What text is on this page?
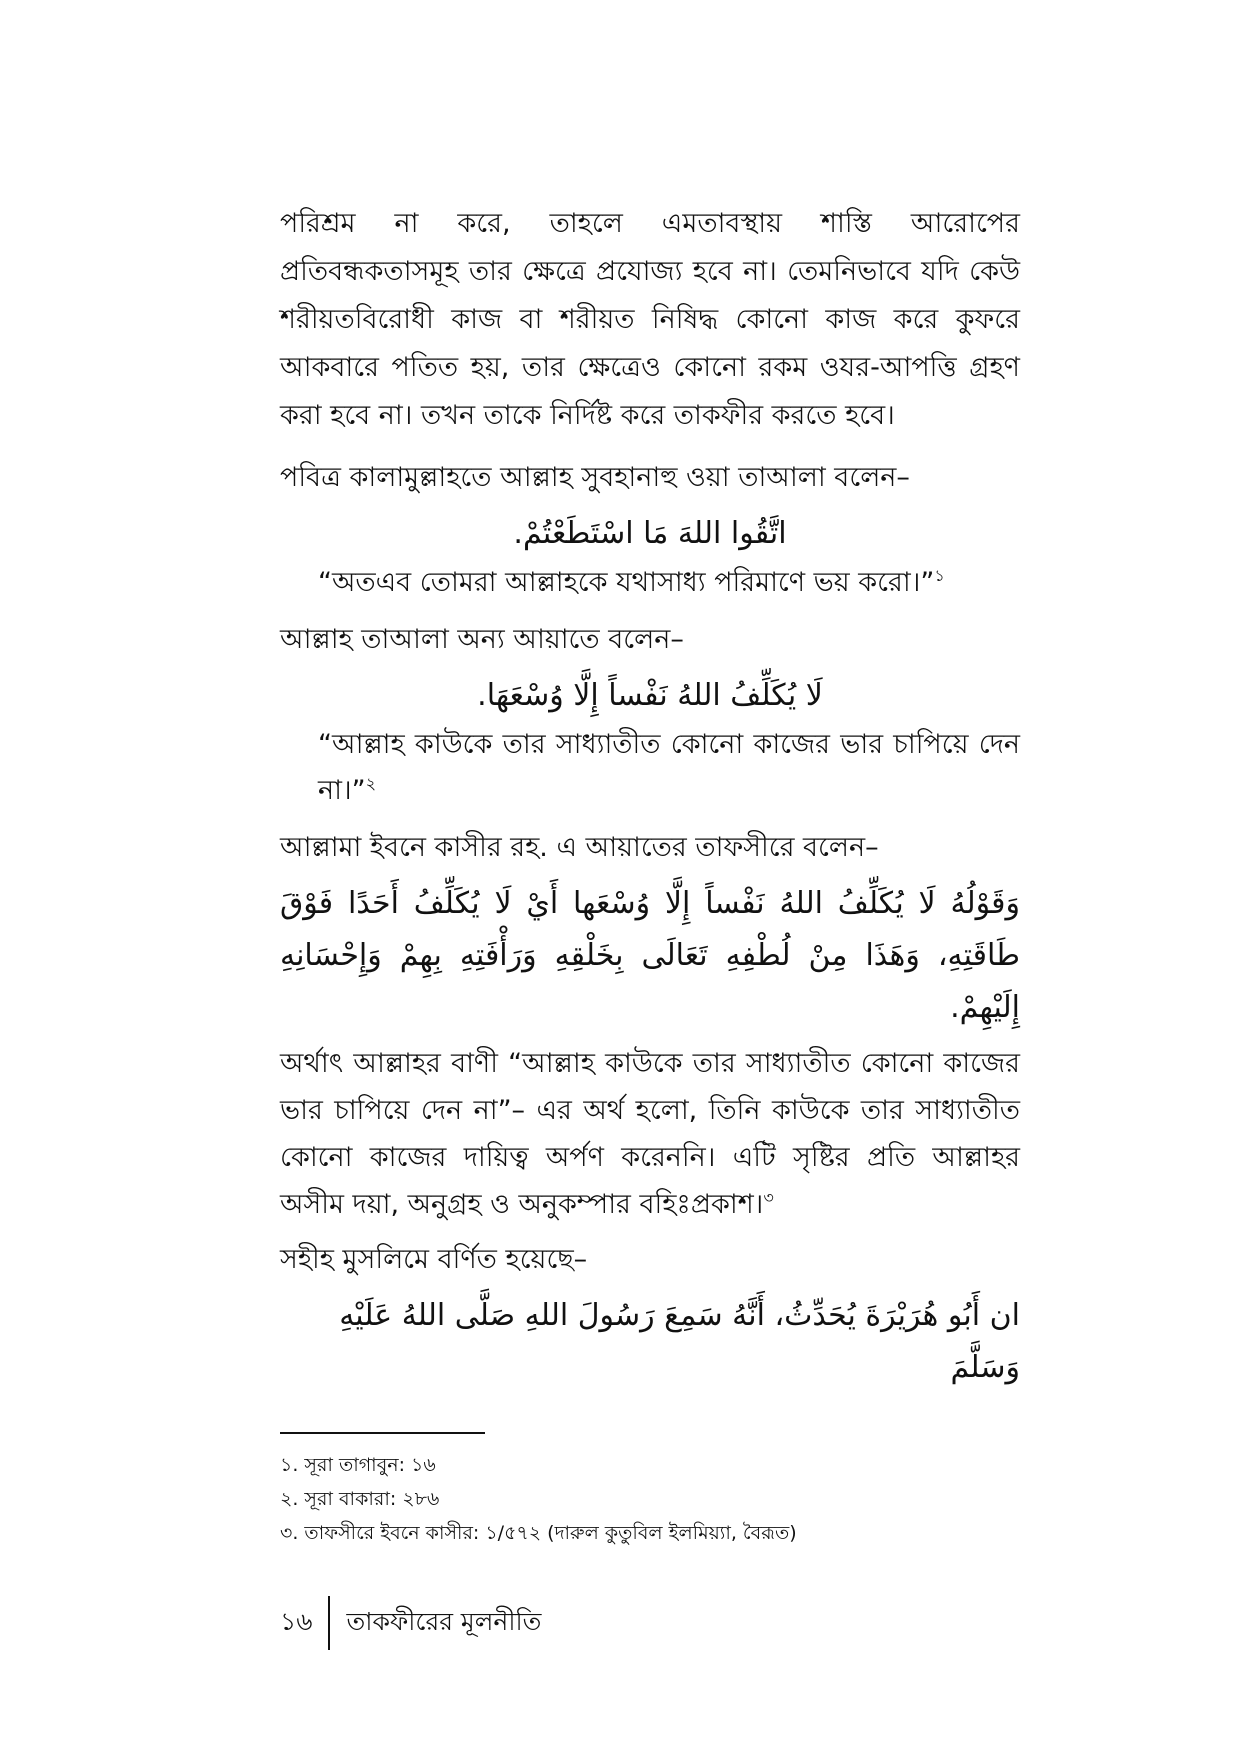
পরিশ্রম না করে, তাহলে এমতাবস্থায় শাস্তি আরোপের প্রতিবন্ধকতাসমূহ তার ক্ষেত্রে প্রযোজ্য হবে না। তেমনিভাবে যদি কেউ শরীয়তবিরোধী কাজ বা শরীয়ত নিষিদ্ধ কোনো কাজ করে কুফরে আকবারে পতিত হয়, তার ক্ষেত্রেও কোনো রকম ওযর-আপত্তি গ্রহণ করা হবে না। তখন তাকে নির্দিষ্ট করে তাকফীর করতে হবে।

পবিত্র কালামুল্লাহতে আল্লাহ সুবহানাহু ওয়া তাআলা বলেন–

اتَّقُوا اللهَ مَا اسْتَطَعْتُمْ.

“অতএব তোমরা আল্লাহকে যথাসাধ্য পরিমাণে ভয় করো।”$^১$

আল্লাহ তাআলা অন্য আয়াতে বলেন–

لَا يُكَلِّفُ اللهُ نَفْساً إِلَّا وُسْعَهَا.

“আল্লাহ কাউকে তার সাধ্যাতীত কোনো কাজের ভার চাপিয়ে দেন না।”$^২$

আল্লামা ইবনে কাসীর রহ. এ আয়াতের তাফসীরে বলেন–

وَقَوْلُهُ لَا يُكَلِّفُ اللهُ نَفْساً إِلَّا وُسْعَها أَيْ لَا يُكَلِّفُ أَحَدًا فَوْقَ طَاقَتِهِ، وَهَذَا مِنْ لُطْفِهِ تَعَالَى بِخَلْقِهِ وَرَأْفَتِهِ بِهِمْ وَإِحْسَانِهِ إِلَيْهِمْ.

অর্থাৎ আল্লাহর বাণী “আল্লাহ কাউকে তার সাধ্যাতীত কোনো কাজের ভার চাপিয়ে দেন না”– এর অর্থ হলো, তিনি কাউকে তার সাধ্যাতীত কোনো কাজের দায়িত্ব অর্পণ করেননি। এটি সৃষ্টির প্রতি আল্লাহর অসীম দয়া, অনুগ্রহ ও অনুকম্পার বহিঃপ্রকাশ।$^৩$

সহীহ মুসলিমে বর্ণিত হয়েছে–

ان أَبُو هُرَيْرَةَ يُحَدِّثُ، أَنَّهُ سَمِعَ رَسُولَ اللهِ صَلَّى اللهُ عَلَيْهِ وَسَلَّمَ

১. সূরা তাগাবুন: ১৬
২. সূরা বাকারা: ২৮৬
৩. তাফসীরে ইবনে কাসীর: ১/৫৭২ (দারুল কুতুবিল ইলমিয়্যা, বৈরূত)
১৬	তাকফীরের মূলনীতি
